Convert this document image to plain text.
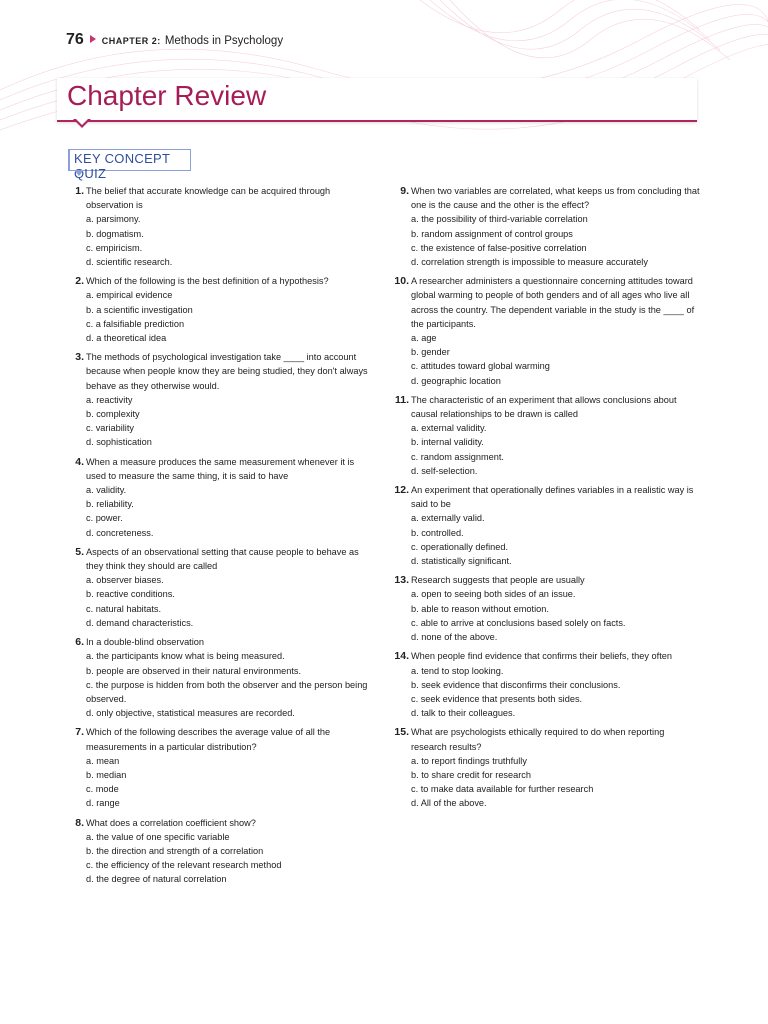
76 CHAPTER 2: Methods in Psychology
Chapter Review
KEY CONCEPT QUIZ
1. The belief that accurate knowledge can be acquired through observation is
a. parsimony.
b. dogmatism.
c. empiricism.
d. scientific research.
2. Which of the following is the best definition of a hypothesis?
a. empirical evidence
b. a scientific investigation
c. a falsifiable prediction
d. a theoretical idea
3. The methods of psychological investigation take ____ into account because when people know they are being studied, they don't always behave as they otherwise would.
a. reactivity
b. complexity
c. variability
d. sophistication
4. When a measure produces the same measurement whenever it is used to measure the same thing, it is said to have
a. validity.
b. reliability.
c. power.
d. concreteness.
5. Aspects of an observational setting that cause people to behave as they think they should are called
a. observer biases.
b. reactive conditions.
c. natural habitats.
d. demand characteristics.
6. In a double-blind observation
a. the participants know what is being measured.
b. people are observed in their natural environments.
c. the purpose is hidden from both the observer and the person being observed.
d. only objective, statistical measures are recorded.
7. Which of the following describes the average value of all the measurements in a particular distribution?
a. mean
b. median
c. mode
d. range
8. What does a correlation coefficient show?
a. the value of one specific variable
b. the direction and strength of a correlation
c. the efficiency of the relevant research method
d. the degree of natural correlation
9. When two variables are correlated, what keeps us from concluding that one is the cause and the other is the effect?
a. the possibility of third-variable correlation
b. random assignment of control groups
c. the existence of false-positive correlation
d. correlation strength is impossible to measure accurately
10. A researcher administers a questionnaire concerning attitudes toward global warming to people of both genders and of all ages who live all across the country. The dependent variable in the study is the ____ of the participants.
a. age
b. gender
c. attitudes toward global warming
d. geographic location
11. The characteristic of an experiment that allows conclusions about causal relationships to be drawn is called
a. external validity.
b. internal validity.
c. random assignment.
d. self-selection.
12. An experiment that operationally defines variables in a realistic way is said to be
a. externally valid.
b. controlled.
c. operationally defined.
d. statistically significant.
13. Research suggests that people are usually
a. open to seeing both sides of an issue.
b. able to reason without emotion.
c. able to arrive at conclusions based solely on facts.
d. none of the above.
14. When people find evidence that confirms their beliefs, they often
a. tend to stop looking.
b. seek evidence that disconfirms their conclusions.
c. seek evidence that presents both sides.
d. talk to their colleagues.
15. What are psychologists ethically required to do when reporting research results?
a. to report findings truthfully
b. to share credit for research
c. to make data available for further research
d. All of the above.
